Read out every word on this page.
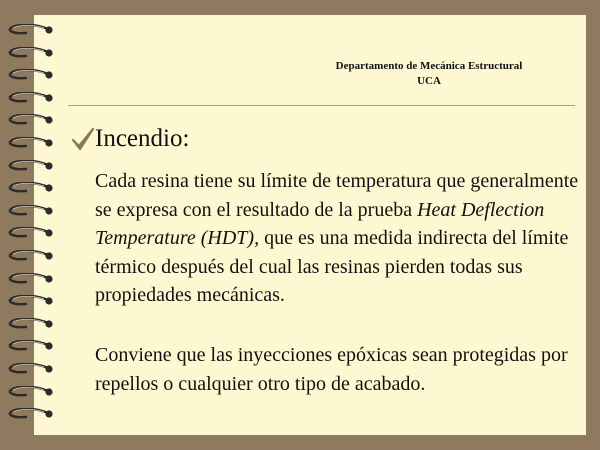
Departamento de Mecánica Estructural
UCA
Incendio:

Cada resina tiene su límite de temperatura que generalmente se expresa con el resultado de la prueba Heat Deflection Temperature (HDT), que es una medida indirecta del límite térmico después del cual las resinas pierden todas sus propiedades mecánicas.

Conviene que las inyecciones epóxicas sean protegidas por repellos o cualquier otro tipo de acabado.
